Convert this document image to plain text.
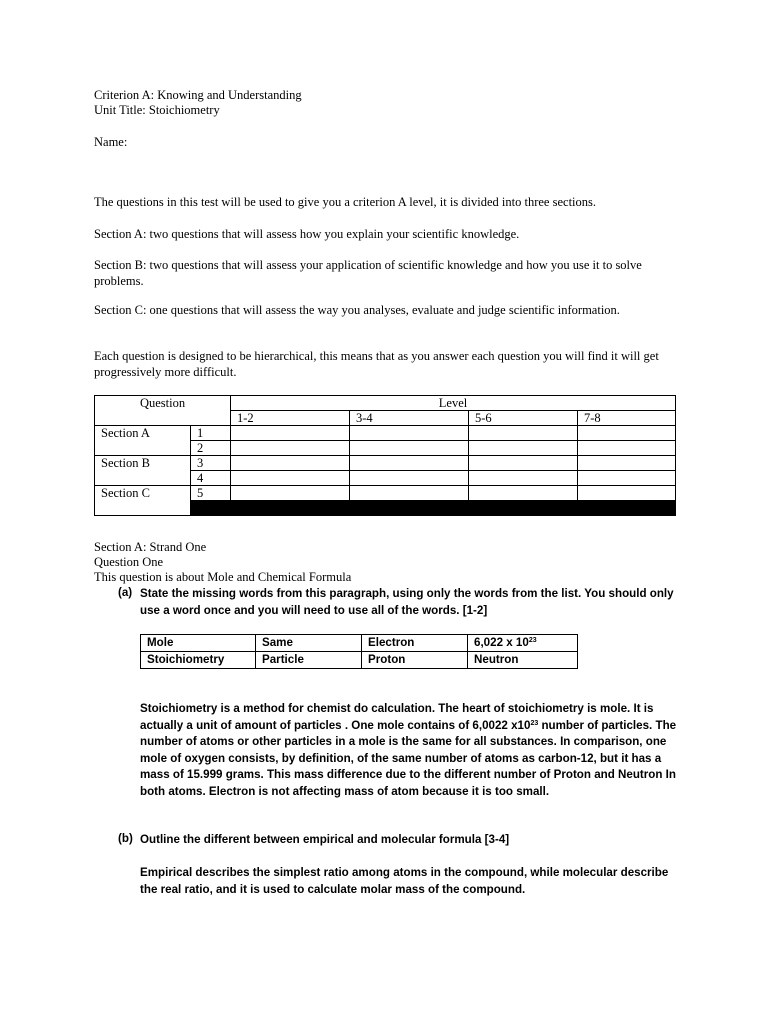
Criterion A: Knowing and Understanding
Unit Title: Stoichiometry
Name:
The questions in this test will be used to give you a criterion A level, it is divided into three sections.
Section A: two questions that will assess how you explain your scientific knowledge.
Section B: two questions that will assess your application of scientific knowledge and how you use it to solve problems.
Section C: one questions that will assess the way you analyses, evaluate and judge scientific information.
Each question is designed to be hierarchical, this means that as you answer each question you will find it will get progressively more difficult.
Question		Level			
		1-2	3-4	5-6	7-8
Section A	1				
	2				
Section B	3				
	4				
Section C	5				

Section A: Strand One
Question One
This question is about Mole and Chemical Formula
(a) State the missing words from this paragraph, using only the words from the list. You should only use a word once and you will need to use all of the words. [1-2]
Mole	Same	Electron	6,022 x $10^{23}$
Stoichiometry	Particle	Proton	Neutron
Stoichiometry is a method for chemist do calculation. The heart of stoichiometry is mole. It is actually a unit of amount of particles . One mole contains of 6,0022 $x10^{23}$ number of particles. The number of atoms or other particles in a mole is the same for all substances. In comparison, one mole of oxygen consists, by definition, of the same number of atoms as carbon-12, but it has a mass of 15.999 grams. This mass difference due to the different number of Proton and Neutron In both atoms. Electron is not affecting mass of atom because it is too small.
(b) Outline the different between empirical and molecular formula [3-4]
Empirical describes the simplest ratio among atoms in the compound, while molecular describe the real ratio, and it is used to calculate molar mass of the compound.
